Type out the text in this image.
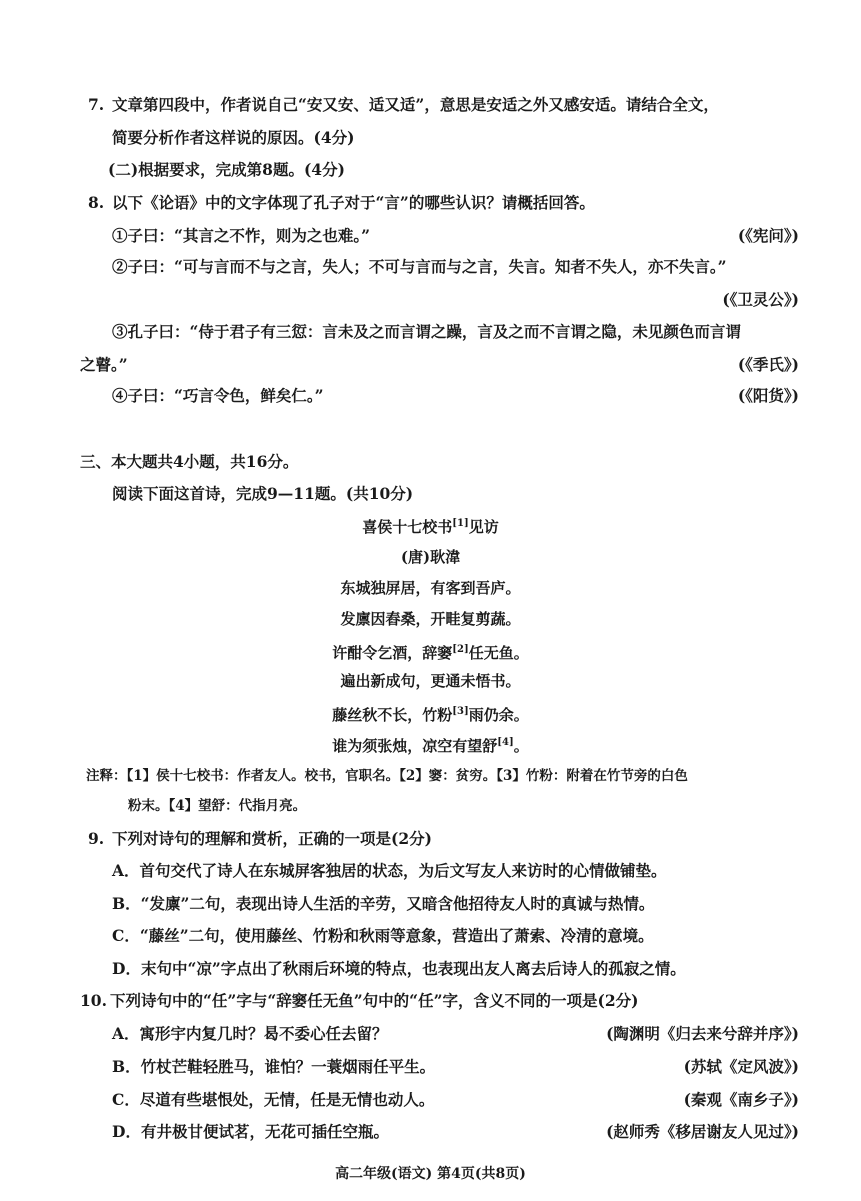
7. 文章第四段中，作者说自己“安又安、适又适”，意思是安适之外又感安适。请结合全文，
简要分析作者这样说的原因。(4分)
(二)根据要求，完成第8题。(4分)
8. 以下《论语》中的文字体现了孔子对于“言”的哪些认识？请概括回答。
①子曰：“其言之不怍，则为之也难。”	(《宪问》)
②子曰：“可与言而不与之言，失人；不可与言而与之言，失言。知者不失人，亦不失言。”
(《卫灵公》)
③孔子曰：“侍于君子有三愆：言未及之而言谓之躁，言及之而不言谓之隐，未见颜色而言谓
之瞽。”	(《季氏》)
④子曰：“巧言令色，鲜矣仁。”	(《阳货》)
三、本大题共4小题，共16分。
阅读下面这首诗，完成9—11题。(共10分)
喜侯十七校书[1]见访
(唐)耿湋
东城独屏居，有客到吾庐。
发廪因舂桑，开畦复剪蔬。
许酣令乞酒，辞窭[2]任无鱼。
遍出新成句，更通未悟书。
藤丝秋不长，竹粉[3]雨仍余。
谁为须张烛，凉空有望舒[4]。
注释：【1】侯十七校书：作者友人。校书，官职名。【2】窭：贫穷。【3】竹粉：附着在竹节旁的白色
粉末。【4】望舒：代指月亮。
9. 下列对诗句的理解和赏析，正确的一项是(2分)
A．首句交代了诗人在东城屏客独居的状态，为后文写友人来访时的心情做铺垫。
B．“发廪”二句，表现出诗人生活的辛劳，又暗含他招待友人时的真诚与热情。
C．“藤丝”二句，使用藤丝、竹粉和秋雨等意象，营造出了萧索、冷清的意境。
D．末句中“凉”字点出了秋雨后环境的特点，也表现出友人离去后诗人的孤寂之情。
10. 下列诗句中的“任”字与“辞窭任无鱼”句中的“任”字，含义不同的一项是(2分)
A．寓形宇内复几时？曷不委心任去留？	(陶渊明《归去来兮辞并序》)
B．竹杖芒鞋轻胜马，谁怕？一蓑烟雨任平生。	(苏轼《定风波》)
C．尽道有些堪恨处，无情，任是无情也动人。	(秦观《南乡子》)
D．有井极甘便试茗，无花可插任空瓶。	(赵师秀《移居谢友人见过》)
高二年级(语文) 第4页(共8页)
